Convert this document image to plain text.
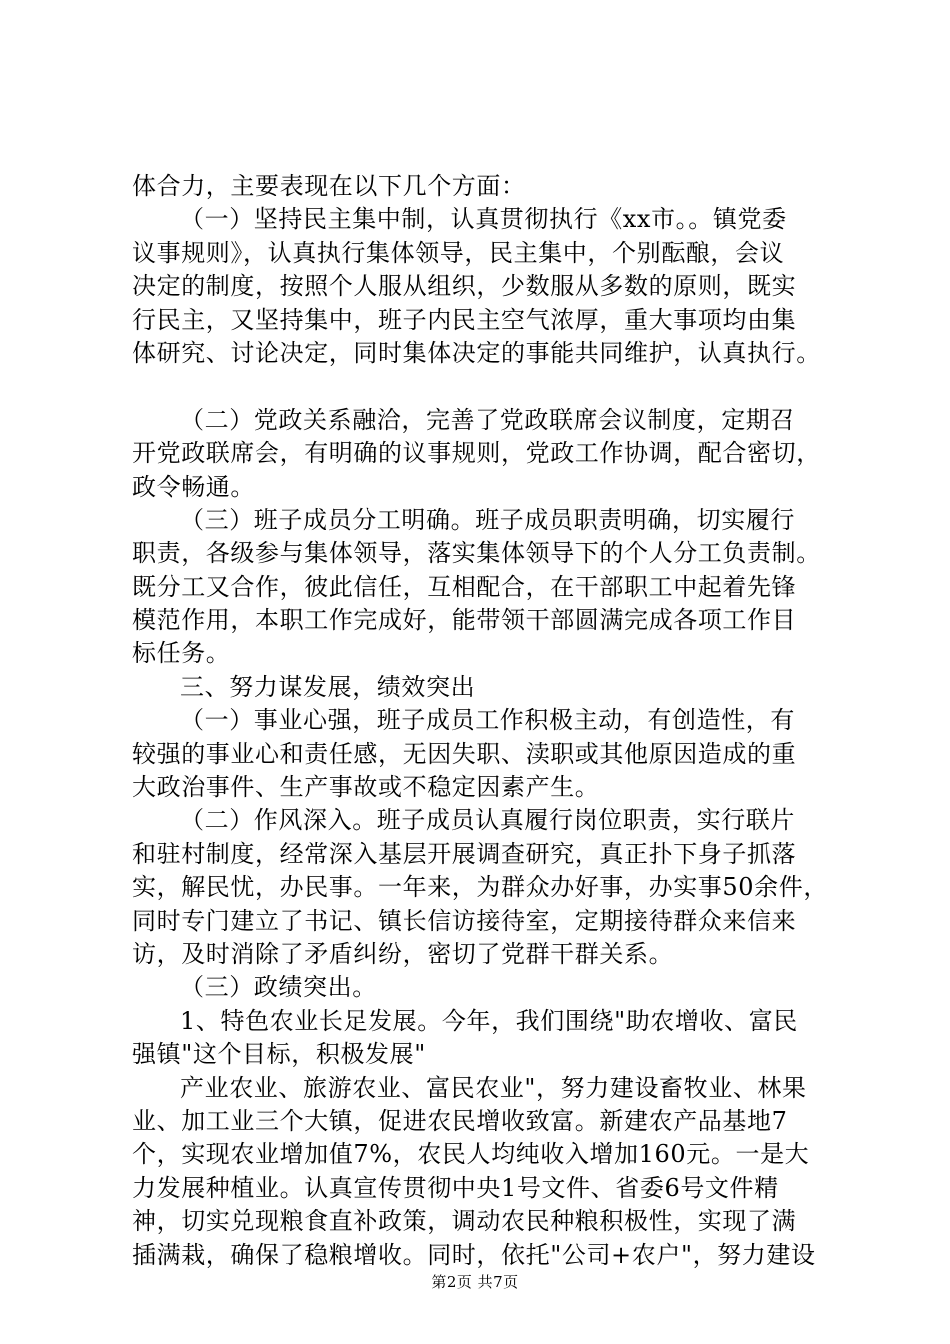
体合力，主要表现在以下几个方面：
（一）坚持民主集中制，认真贯彻执行《xx市。。镇党委
议事规则》，认真执行集体领导，民主集中，个别酝酿，会议
决定的制度，按照个人服从组织，少数服从多数的原则，既实
行民主，又坚持集中，班子内民主空气浓厚，重大事项均由集
体研究、讨论决定，同时集体决定的事能共同维护，认真执行。
（二）党政关系融洽，完善了党政联席会议制度，定期召
开党政联席会，有明确的议事规则，党政工作协调，配合密切，
政令畅通。
（三）班子成员分工明确。班子成员职责明确，切实履行
职责，各级参与集体领导，落实集体领导下的个人分工负责制。
既分工又合作，彼此信任，互相配合，在干部职工中起着先锋
模范作用，本职工作完成好，能带领干部圆满完成各项工作目
标任务。
三、努力谋发展，绩效突出
（一）事业心强，班子成员工作积极主动，有创造性，有
较强的事业心和责任感，无因失职、渎职或其他原因造成的重
大政治事件、生产事故或不稳定因素产生。
（二）作风深入。班子成员认真履行岗位职责，实行联片
和驻村制度，经常深入基层开展调查研究，真正扑下身子抓落
实，解民忧，办民事。一年来，为群众办好事，办实事50余件，
同时专门建立了书记、镇长信访接待室，定期接待群众来信来
访，及时消除了矛盾纠纷，密切了党群干群关系。
（三）政绩突出。
1、特色农业长足发展。今年，我们围绕"助农增收、富民
强镇"这个目标，积极发展"
产业农业、旅游农业、富民农业"，努力建设畜牧业、林果
业、加工业三个大镇，促进农民增收致富。新建农产品基地7
个，实现农业增加值7%，农民人均纯收入增加160元。一是大
力发展种植业。认真宣传贯彻中央1号文件、省委6号文件精
神，切实兑现粮食直补政策，调动农民种粮积极性，实现了满
插满栽，确保了稳粮增收。同时，依托"公司+农户"，努力建设
第2页 共7页
